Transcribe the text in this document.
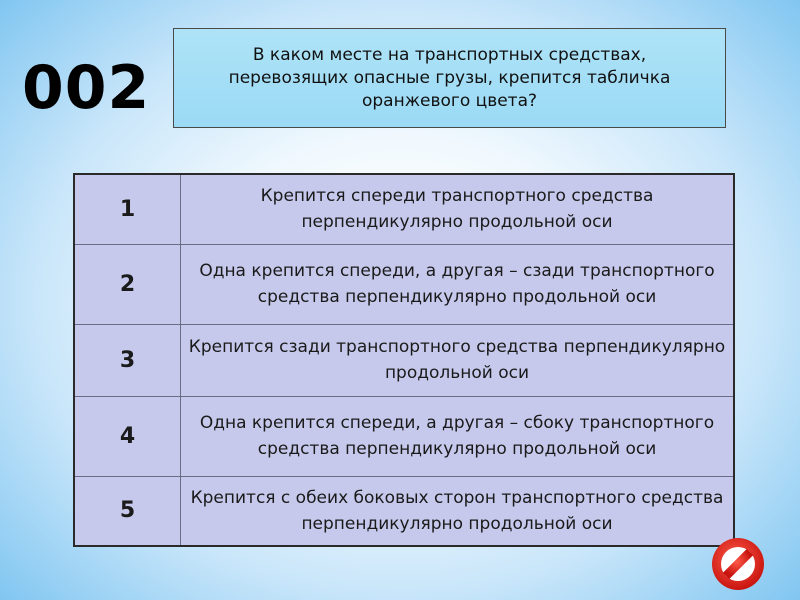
002	В каком месте на транспортных средствах, перевозящих опасные грузы, крепится табличка оранжевого цвета?
1	Крепится спереди транспортного средства перпендикулярно продольной оси
2	Одна крепится спереди, а другая – сзади транспортного средства перпендикулярно продольной оси
3	Крепится сзади транспортного средства перпендикулярно продольной оси
4	Одна крепится спереди, а другая – сбоку транспортного средства перпендикулярно продольной оси
5	Крепится с обеих боковых сторон транспортного средства перпендикулярно продольной оси
